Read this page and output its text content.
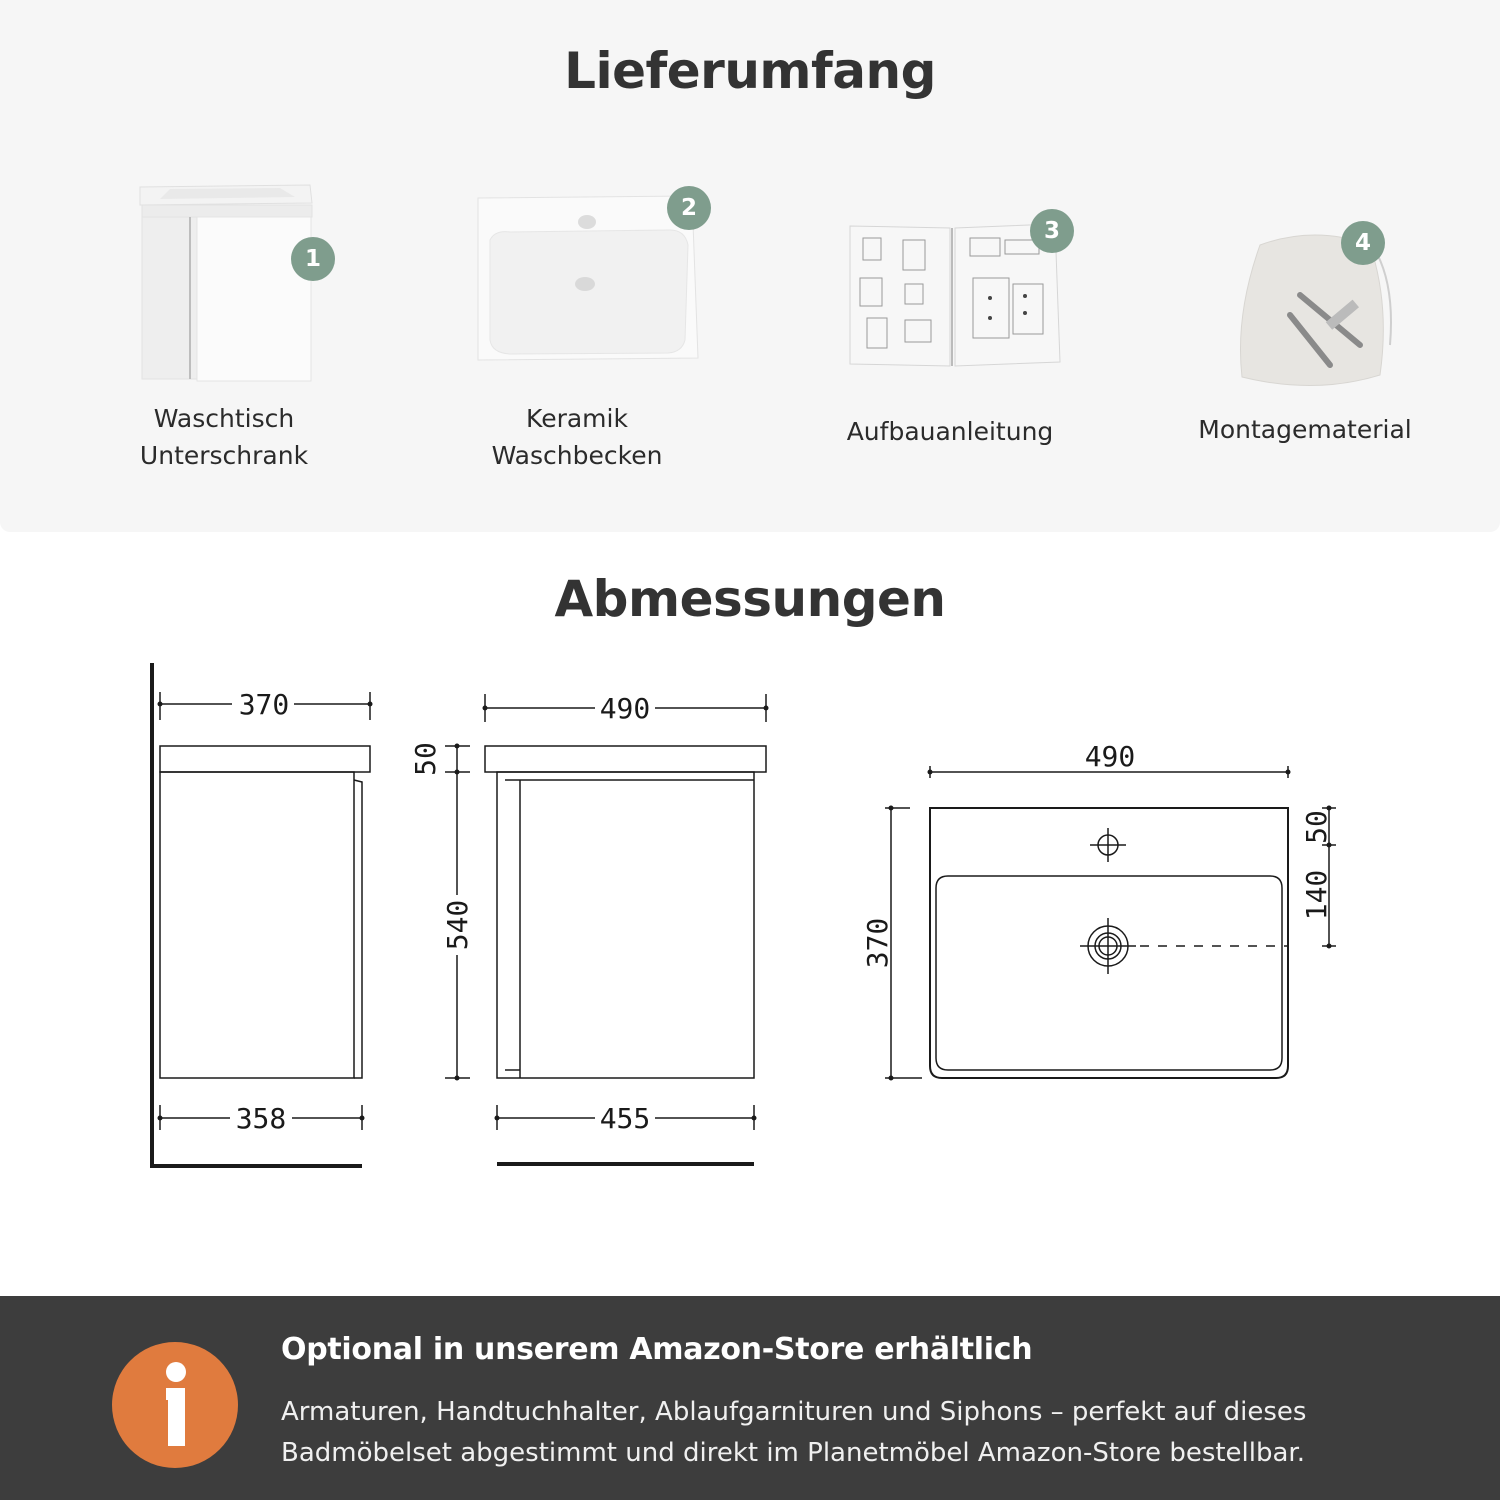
Lieferumfang
1
Waschtisch
Unterschrank
2
Keramik
Waschbecken
3
Aufbauanleitung
4
Montagematerial
Abmessungen
370
358
490
455
50
540
490
370
50
140
Optional in unserem Amazon-Store erhältlich
Armaturen, Handtuchhalter, Ablaufgarnituren und Siphons – perfekt auf dieses
Badmöbelset abgestimmt und direkt im Planetmöbel Amazon-Store bestellbar.
